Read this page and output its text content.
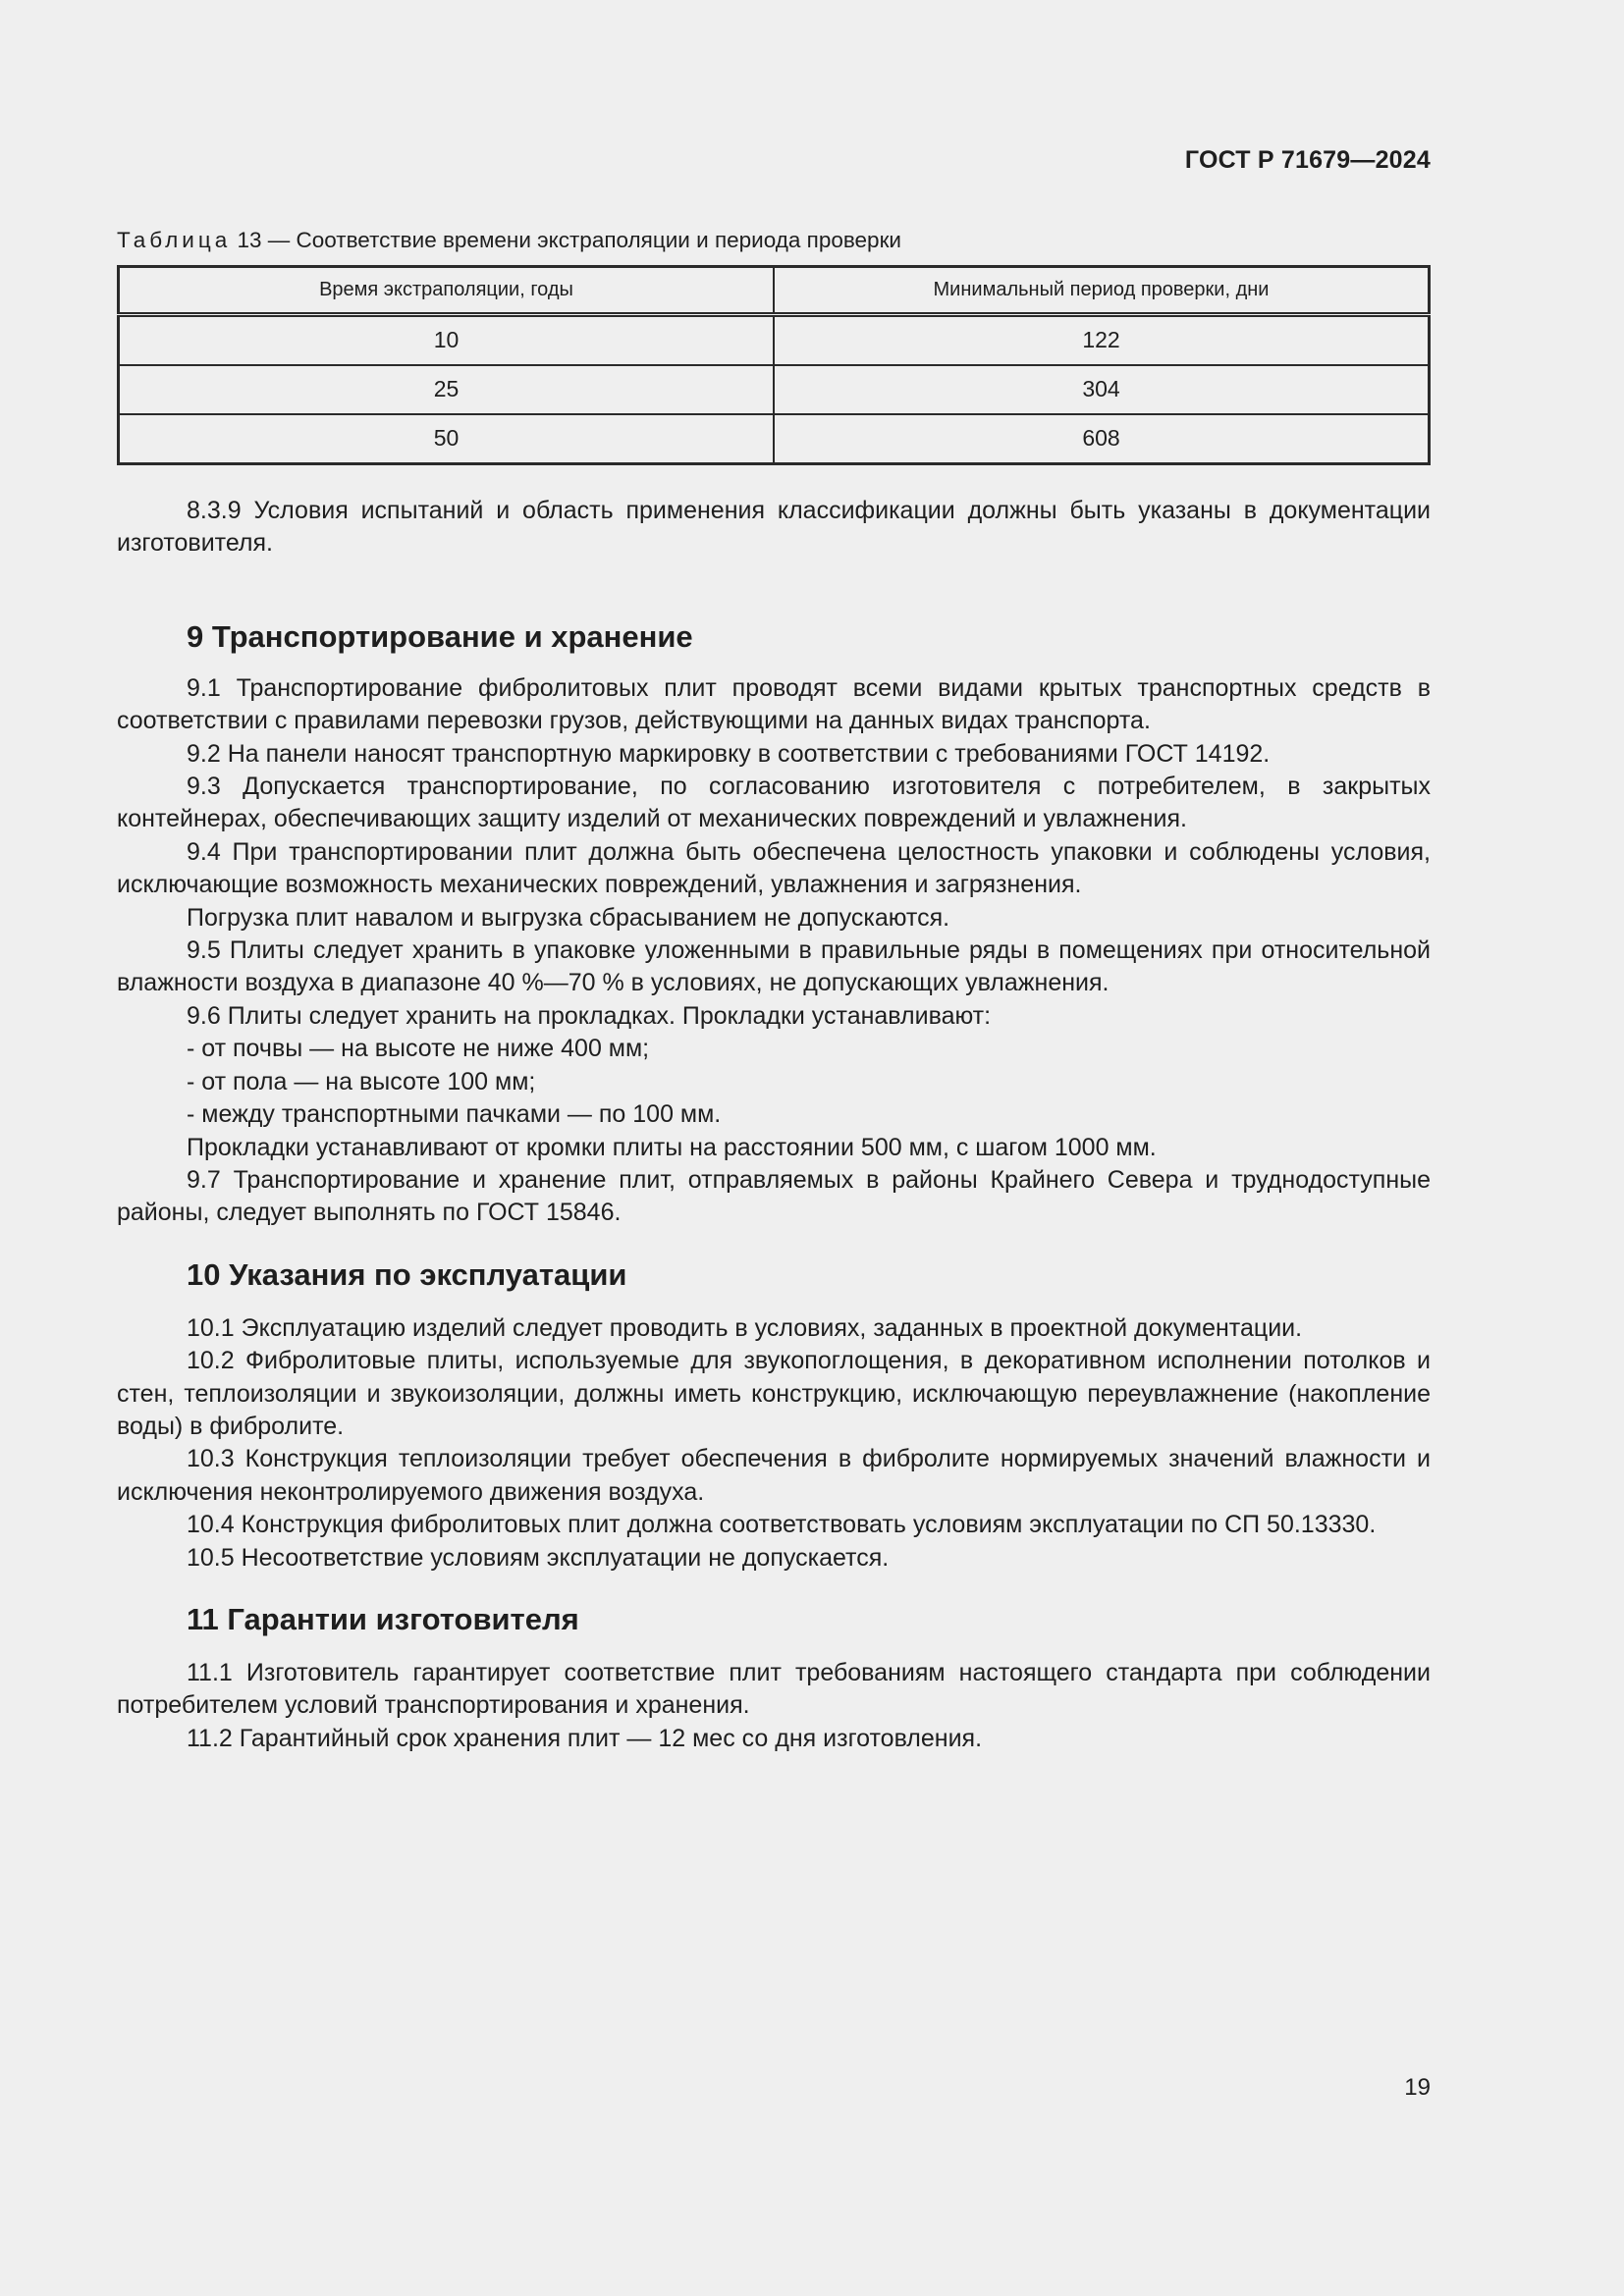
ГОСТ Р 71679—2024
Таблица 13 — Соответствие времени экстраполяции и периода проверки
Время экстраполяции, годы	Минимальный период проверки, дни
10	122
25	304
50	608

8.3.9 Условия испытаний и область применения классификации должны быть указаны в документации изготовителя.

9 Транспортирование и хранение

9.1 Транспортирование фибролитовых плит проводят всеми видами крытых транспортных средств в соответствии с правилами перевозки грузов, действующими на данных видах транспорта.

9.2 На панели наносят транспортную маркировку в соответствии с требованиями ГОСТ 14192.

9.3 Допускается транспортирование, по согласованию изготовителя с потребителем, в закрытых контейнерах, обеспечивающих защиту изделий от механических повреждений и увлажнения.

9.4 При транспортировании плит должна быть обеспечена целостность упаковки и соблюдены условия, исключающие возможность механических повреждений, увлажнения и загрязнения.

Погрузка плит навалом и выгрузка сбрасыванием не допускаются.

9.5 Плиты следует хранить в упаковке уложенными в правильные ряды в помещениях при относительной влажности воздуха в диапазоне 40 %—70 % в условиях, не допускающих увлажнения.

9.6 Плиты следует хранить на прокладках. Прокладки устанавливают:

- от почвы — на высоте не ниже 400 мм;

- от пола — на высоте 100 мм;

- между транспортными пачками — по 100 мм.

Прокладки устанавливают от кромки плиты на расстоянии 500 мм, с шагом 1000 мм.

9.7 Транспортирование и хранение плит, отправляемых в районы Крайнего Севера и труднодоступные районы, следует выполнять по ГОСТ 15846.

10 Указания по эксплуатации

10.1 Эксплуатацию изделий следует проводить в условиях, заданных в проектной документации.

10.2 Фибролитовые плиты, используемые для звукопоглощения, в декоративном исполнении потолков и стен, теплоизоляции и звукоизоляции, должны иметь конструкцию, исключающую переувлажнение (накопление воды) в фибролите.

10.3 Конструкция теплоизоляции требует обеспечения в фибролите нормируемых значений влажности и исключения неконтролируемого движения воздуха.

10.4 Конструкция фибролитовых плит должна соответствовать условиям эксплуатации по СП 50.13330.

10.5 Несоответствие условиям эксплуатации не допускается.

11 Гарантии изготовителя

11.1 Изготовитель гарантирует соответствие плит требованиям настоящего стандарта при соблюдении потребителем условий транспортирования и хранения.

11.2 Гарантийный срок хранения плит — 12 мес со дня изготовления.

19
